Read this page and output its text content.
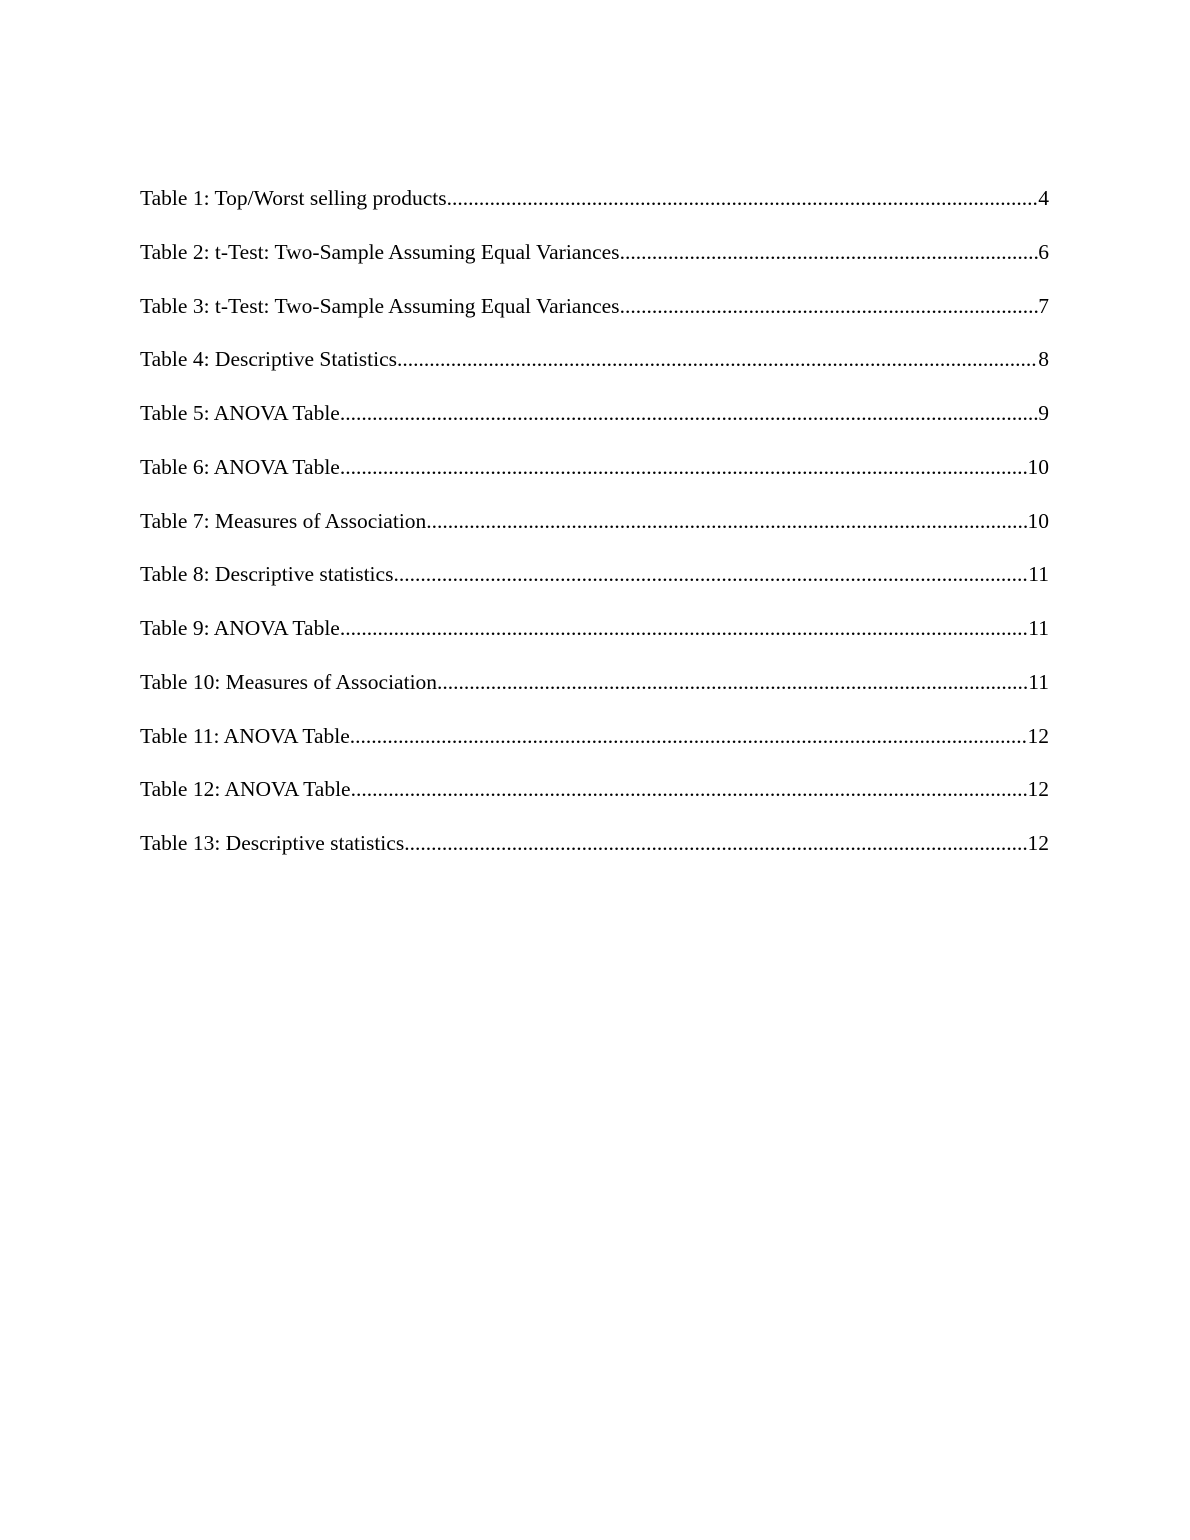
Table 1: Top/Worst selling products .....	4
Table 2: t-Test: Two-Sample Assuming Equal Variances .....	6
Table 3: t-Test: Two-Sample Assuming Equal Variances .....	7
Table 4: Descriptive Statistics .....	8
Table 5: ANOVA Table .....	9
Table 6: ANOVA Table .....	10
Table 7: Measures of Association .....	10
Table 8: Descriptive statistics .....	11
Table 9: ANOVA Table .....	11
Table 10: Measures of Association .....	11
Table 11: ANOVA Table .....	12
Table 12: ANOVA Table .....	12
Table 13: Descriptive statistics .....	12
